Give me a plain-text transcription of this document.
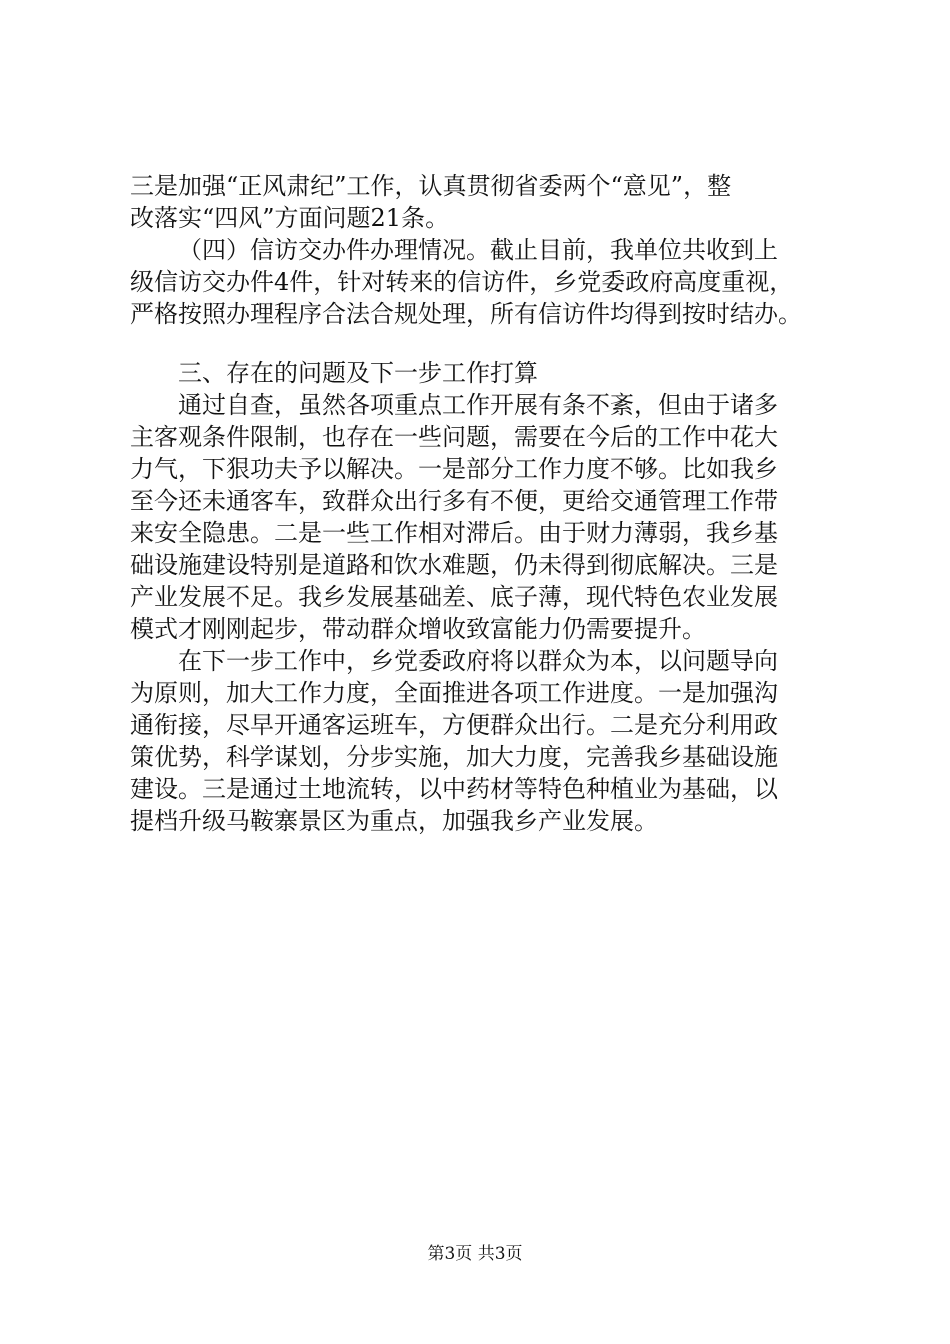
三是加强“正风肃纪”工作，认真贯彻省委两个“意见”，整
改落实“四风”方面问题21条。
（四）信访交办件办理情况。截止目前，我单位共收到上
级信访交办件4件，针对转来的信访件，乡党委政府高度重视，
严格按照办理程序合法合规处理，所有信访件均得到按时结办。
三、存在的问题及下一步工作打算
通过自查，虽然各项重点工作开展有条不紊，但由于诸多
主客观条件限制，也存在一些问题，需要在今后的工作中花大
力气，下狠功夫予以解决。一是部分工作力度不够。比如我乡
至今还未通客车，致群众出行多有不便，更给交通管理工作带
来安全隐患。二是一些工作相对滞后。由于财力薄弱，我乡基
础设施建设特别是道路和饮水难题，仍未得到彻底解决。三是
产业发展不足。我乡发展基础差、底子薄，现代特色农业发展
模式才刚刚起步，带动群众增收致富能力仍需要提升。
在下一步工作中，乡党委政府将以群众为本，以问题导向
为原则，加大工作力度，全面推进各项工作进度。一是加强沟
通衔接，尽早开通客运班车，方便群众出行。二是充分利用政
策优势，科学谋划，分步实施，加大力度，完善我乡基础设施
建设。三是通过土地流转，以中药材等特色种植业为基础，以
提档升级马鞍寨景区为重点，加强我乡产业发展。
第3页 共3页
